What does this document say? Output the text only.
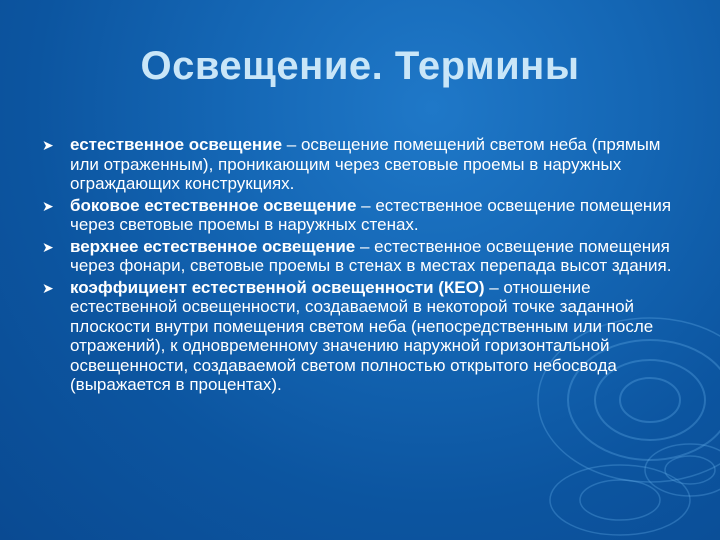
Освещение. Термины
➤ естественное освещение – освещение помещений светом неба (прямым или отраженным), проникающим через световые проемы в наружных ограждающих конструкциях.
➤ боковое естественное освещение – естественное освещение помещения через световые проемы в наружных стенах.
➤ верхнее естественное освещение – естественное освещение помещения через фонари, световые проемы в стенах в местах перепада высот здания.
➤ коэффициент естественной освещенности (КЕО) – отношение естественной освещенности, создаваемой в некоторой точке заданной плоскости внутри помещения светом неба (непосредственным или после отражений), к одновременному значению наружной горизонтальной освещенности, создаваемой светом полностью открытого небосвода (выражается в процентах).
